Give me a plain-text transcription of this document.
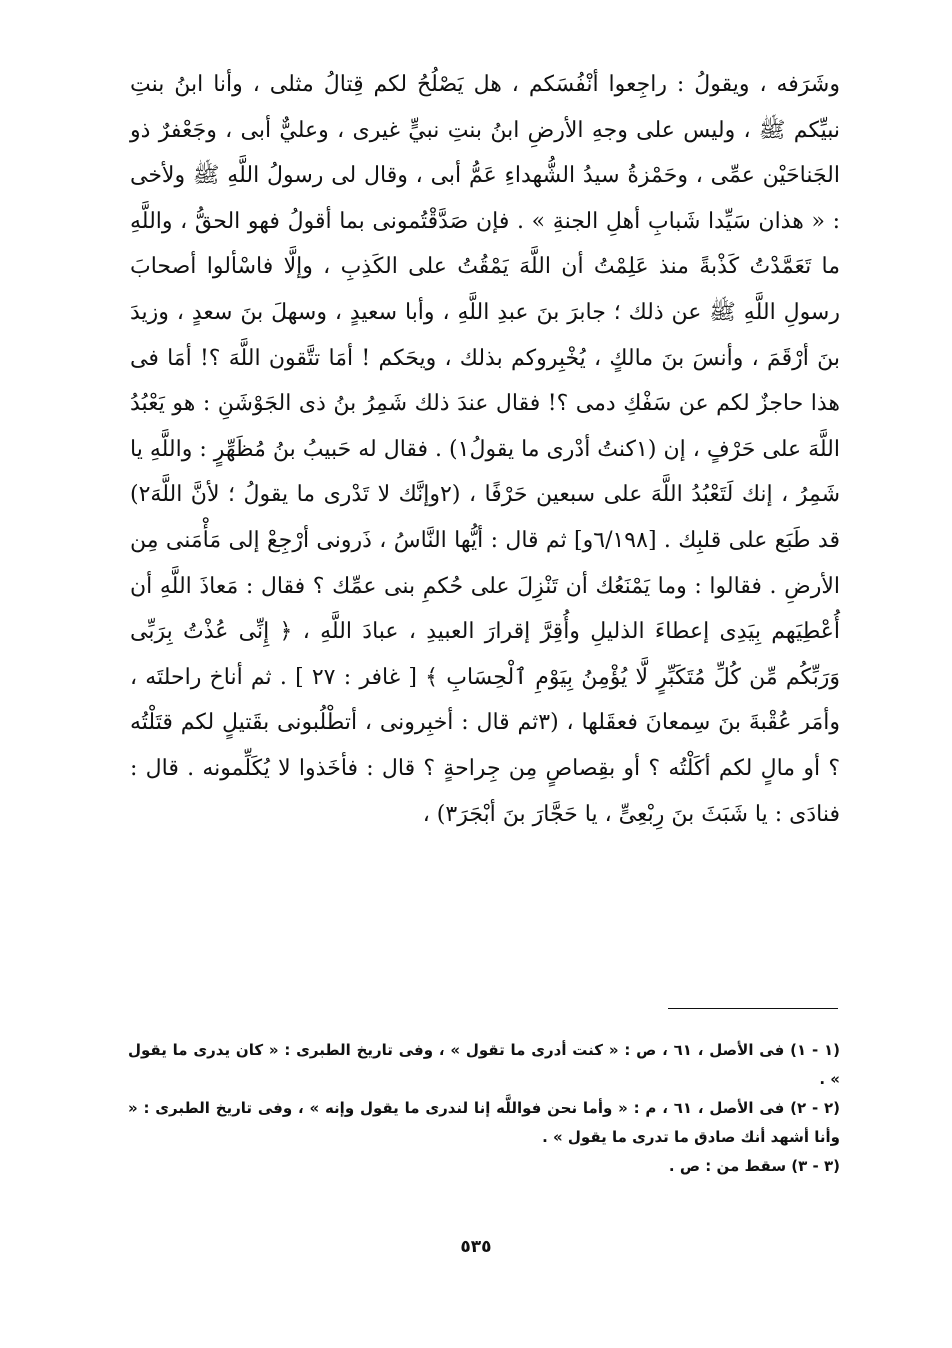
وشَرَفه ، ويقولُ : راجِعوا أنْفُسَكم ، هل يَصْلُحُ لكم قِتالُ مثلى ، وأنا ابنُ بنتِ نبيِّكم ﷺ ، وليس على وجهِ الأرضِ ابنُ بنتِ نبيٍّ غيرى ، وعليٌّ أبى ، وجَعْفرٌ ذو الجَناحَيْن عمِّى ، وحَمْزةُ سيدُ الشُّهداءِ عَمُّ أبى ، وقال لى رسولُ اللَّهِ ﷺ ولأخى : « هذان سَيِّدا شَبابِ أهلِ الجنةِ » . فإن صَدَّقْتُمونى بما أقولُ فهو الحقُّ ، واللَّهِ ما تَعَمَّدْتُ كَذْبةً منذ عَلِمْتُ أن اللَّهَ يَمْقُتُ على الكَذِبِ ، وإلَّا فاسْألوا أصحابَ رسولِ اللَّهِ ﷺ عن ذلك ؛ جابرَ بنَ عبدِ اللَّهِ ، وأبا سعيدٍ ، وسهلَ بنَ سعدٍ ، وزيدَ بنَ أرْقَمَ ، وأنسَ بنَ مالكٍ ، يُخْبِروكم بذلك ، ويحَكم ! أمَا تتَّقون اللَّهَ ؟! أمَا فى هذا حاجزٌ لكم عن سَفْكِ دمى ؟! فقال عندَ ذلك شَمِرُ بنُ ذى الجَوْشَنِ : هو يَعْبُدُ اللَّهَ على حَرْفٍ ، إن (١كنتُ أدْرى ما يقولُ١) . فقال له حَبيبُ بنُ مُظَهِّرٍ : واللَّهِ يا شَمِرُ ، إنك لَتَعْبُدُ اللَّهَ على سبعين حَرْفًا ، (٢وإنَّك لا تَدْرى ما يقولُ ؛ لأنَّ اللَّهَ٢) قد طَبَع على قلبِك . [٦/١٩٨و] ثم قال : أيُّها النَّاسُ ، ذَرونى أرْجِعْ إلى مَأْمَنى مِن الأرضِ . فقالوا : وما يَمْنَعُك أن تَنْزِلَ على حُكمِ بنى عمِّك ؟ فقال : مَعاذَ اللَّهِ أن أُعْطِيَهم بِيَدِى إعطاءَ الذليلِ وأُقِرَّ إقرارَ العبيدِ ، عبادَ اللَّهِ ، ﴿ إِنِّى عُذْتُ بِرَبِّى وَرَبِّكُم مِّن كُلِّ مُتَكَبِّرٍ لَّا يُؤْمِنُ بِيَوْمِ ٱلْحِسَابِ ﴾ [ غافر : ٢٧ ] . ثم أناخ راحلتَه ، وأمَر عُقْبةَ بنَ سِمعانَ فعقَلها ، (٣ثم قال : أخبِرونى ، أتطْلُبونى بقَتيلٍ لكم قتَلْتُه ؟ أو مالٍ لكم أكَلْتُه ؟ أو بقِصاصٍ مِن جِراحةٍ ؟ قال : فأخَذوا لا يُكَلِّمونه . قال : فنادَى : يا شَبَثَ بنَ رِبْعِىٍّ ، يا حَجَّارَ بنَ أبْجَرَ٣) ،

(١ - ١) فى الأصل ، ٦١ ، ص : « كنت أدرى ما تقول » ، وفى تاريخ الطبرى : « كان يدرى ما يقول » .

(٢ - ٢) فى الأصل ، ٦١ ، م : « وأما نحن فواللَّه إنا لندرى ما يقول وإنه » ، وفى تاريخ الطبرى : « وأنا أشهد أنك صادق ما تدرى ما يقول » .

(٣ - ٣) سقط من : ص .

٥٣٥
